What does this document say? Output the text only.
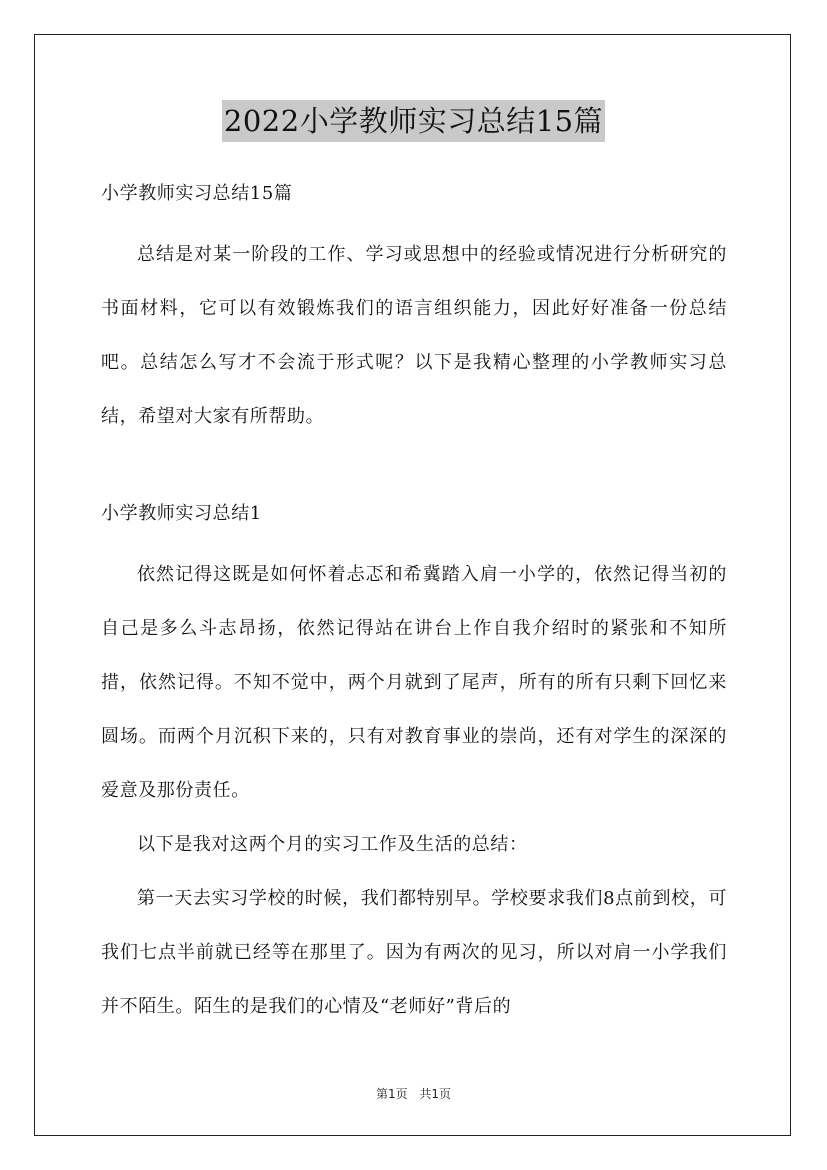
2022小学教师实习总结15篇

小学教师实习总结15篇

总结是对某一阶段的工作、学习或思想中的经验或情况进行分析研究的书面材料，它可以有效锻炼我们的语言组织能力，因此好好准备一份总结吧。总结怎么写才不会流于形式呢？以下是我精心整理的小学教师实习总结，希望对大家有所帮助。

小学教师实习总结1

依然记得这既是如何怀着忐忑和希冀踏入肩一小学的，依然记得当初的自己是多么斗志昂扬，依然记得站在讲台上作自我介绍时的紧张和不知所措，依然记得。不知不觉中，两个月就到了尾声，所有的所有只剩下回忆来圆场。而两个月沉积下来的，只有对教育事业的崇尚，还有对学生的深深的爱意及那份责任。

以下是我对这两个月的实习工作及生活的总结：

第一天去实习学校的时候，我们都特别早。学校要求我们8点前到校，可我们七点半前就已经等在那里了。因为有两次的见习，所以对肩一小学我们并不陌生。陌生的是我们的心情及“老师好”背后的

第1页 共1页
